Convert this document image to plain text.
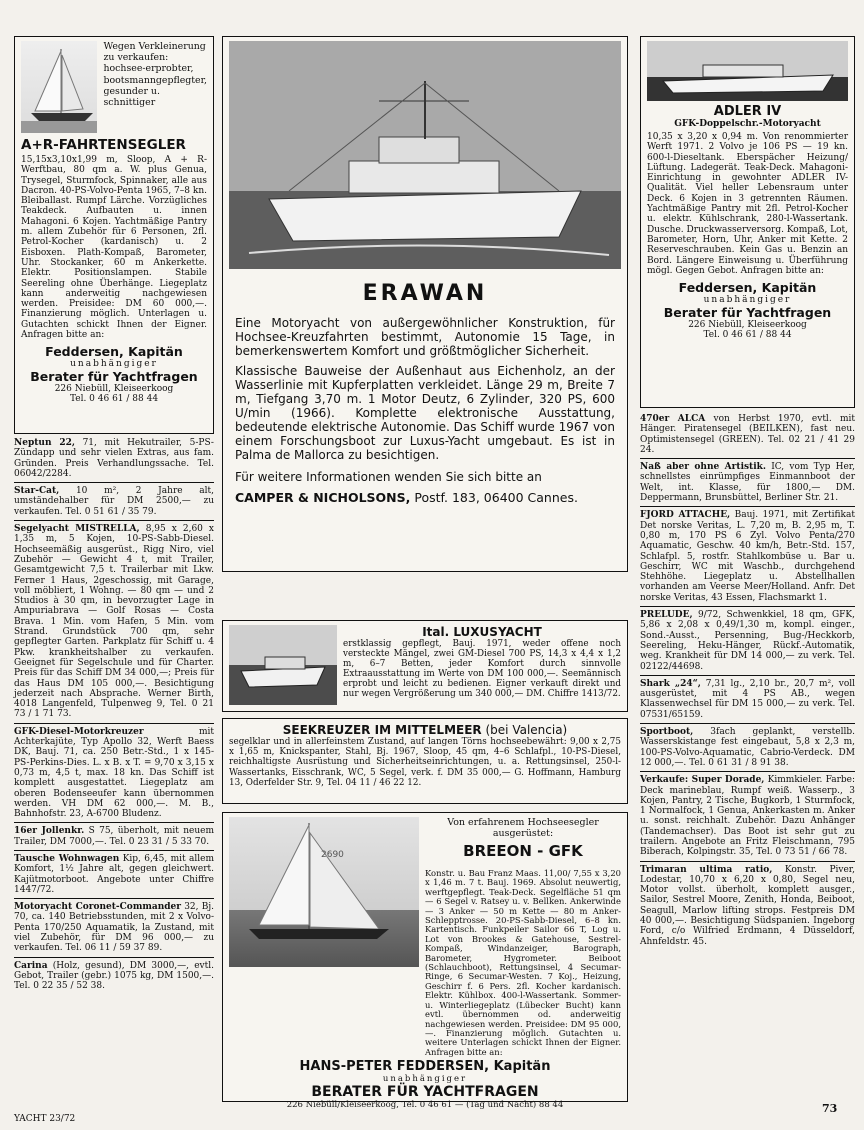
Wegen Verkleinerung zu verkaufen: hochsee-erprobter, bootsmanngepflegter, gesunder u. schnittiger
A+R-FAHRTENSEGLER
15,15x3,10x1,99 m, Sloop, A + R-Werftbau, 80 qm a. W. plus Genua, Trysegel, Sturmfock, Spinnaker, alle aus Dacron. 40-PS-Volvo-Penta 1965, 7–8 kn. Bleiballast. Rumpf Lärche. Vorzügliches Teakdeck. Aufbauten u. innen Mahagoni. 6 Kojen. Yachtmäßige Pantry m. allem Zubehör für 6 Personen, 2fl. Petrol-Kocher (kardanisch) u. 2 Eisboxen. Plath-Kompaß, Barometer, Uhr. Stockanker, 60 m Ankerkette. Elektr. Positionslampen. Stabile Seereling ohne Überhänge. Liegeplatz kann anderweitig nachgewiesen werden. Preisidee: DM 60 000,—. Finanzierung möglich. Unterlagen u. Gutachten schickt Ihnen der Eigner. Anfragen bitte an:
Feddersen, Kapitän
unabhängiger
Berater für Yachtfragen
226 Niebüll, Kleiseerkoog
Tel. 0 46 61 / 88 44
Neptun 22, 71, mit Hekutrailer, 5-PS-Zündapp und sehr vielen Extras, aus fam. Gründen. Preis Verhandlungssache. Tel. 06042/2284.
Star-Cat, 10 m², 2 Jahre alt, umständehalber für DM 2500,— zu verkaufen. Tel. 0 51 61 / 35 79.
Segelyacht MISTRELLA, 8,95 x 2,60 x 1,35 m, 5 Kojen, 10-PS-Sabb-Diesel. Hochseemäßig ausgerüst., Rigg Niro, viel Zubehör — Gewicht 4 t, mit Trailer, Gesamtgewicht 7,5 t. Trailerbar mit Lkw. Ferner 1 Haus, 2geschossig, mit Garage, voll möbliert, 1 Wohng. — 80 qm — und 2 Studios à 30 qm, in bevorzugter Lage in Ampuriabrava — Golf Rosas — Costa Brava. 1 Min. vom Hafen, 5 Min. vom Strand. Grundstück 700 qm, sehr gepflegter Garten. Parkplatz für Schiff u. 4 Pkw. krankheitshalber zu verkaufen. Geeignet für Segelschule und für Charter. Preis für das Schiff DM 34 000,—; Preis für das Haus DM 105 000,—. Besichtigung jederzeit nach Absprache. Werner Birth, 4018 Langenfeld, Tulpenweg 9, Tel. 0 21 73 / 1 71 73.
GFK-Diesel-Motorkreuzer	mit Achterkajüte, Typ Apollo 32, Werft Baess DK, Bauj. 71, ca. 250 Betr.-Std., 1 x 145-PS-Perkins-Dies. L. x B. x T. = 9,70 x 3,15 x 0,73 m, 4,5 t, max. 18 kn. Das Schiff ist komplett ausgestattet. Liegeplatz am oberen Bodenseeufer kann übernommen werden. VH DM 62 000,—. M. B., Bahnhofstr. 23, A-6700 Bludenz.
16er Jollenkr. S 75, überholt, mit neuem Trailer, DM 7000,—. Tel. 0 23 31 / 5 33 70.
Tausche Wohnwagen Kip, 6,45, mit allem Komfort, 1½ Jahre alt, gegen gleichwert. Kajütmotorboot. Angebote unter Chiffre 1447/72.
Motoryacht Coronet-Commander 32, Bj. 70, ca. 140 Betriebsstunden, mit 2 x Volvo-Penta 170/250 Aquamatik, la Zustand, mit viel Zubehör, für DM 96 000,— zu verkaufen. Tel. 06 11 / 59 37 89.
Carina (Holz, gesund), DM 3000,—, evtl. Gebot, Trailer (gebr.) 1075 kg, DM 1500,—. Tel. 0 22 35 / 52 38.
ERAWAN
Eine Motoryacht von außergewöhnlicher Konstruktion, für Hochsee-Kreuzfahrten bestimmt, Autonomie 15 Tage, in bemerkenswertem Komfort und größtmöglicher Sicherheit.
Klassische Bauweise der Außenhaut aus Eichenholz, an der Wasserlinie mit Kupferplatten verkleidet. Länge 29 m, Breite 7 m, Tiefgang 3,70 m. 1 Motor Deutz, 6 Zylinder, 320 PS, 600 U/min (1966). Komplette elektronische Ausstattung, bedeutende elektrische Autonomie. Das Schiff wurde 1967 von einem Forschungsboot zur Luxus-Yacht umgebaut. Es ist in Palma de Mallorca zu besichtigen.
Für weitere Informationen wenden Sie sich bitte an
CAMPER & NICHOLSONS, Postf. 183, 06400 Cannes.
Ital. LUXUSYACHT
erstklassig gepflegt, Bauj. 1971, weder offene noch versteckte Mängel, zwei GM-Diesel 700 PS, 14,3 x 4,4 x 1,2 m, 6–7 Betten, jeder Komfort durch sinnvolle Extraausstattung im Werte von DM 100 000,—. Seemännisch erprobt und leicht zu bedienen. Eigner verkauft direkt und nur wegen Vergrößerung um 340 000,— DM. Chiffre 1413/72.
SEEKREUZER IM MITTELMEER (bei Valencia)
segelklar und in allerfeinstem Zustand, auf langen Törns hochseebewährt: 9,00 x 2,75 x 1,65 m, Knickspanter, Stahl, Bj. 1967, Sloop, 45 qm, 4–6 Schlafpl., 10-PS-Diesel, reichhaltigste Ausrüstung und Sicherheitseinrichtungen, u. a. Rettungsinsel, 250-l-Wassertanks, Eisschrank, WC, 5 Segel, verk. f. DM 35 000,— G. Hoffmann, Hamburg 13, Oderfelder Str. 9, Tel. 04 11 / 46 22 12.
2690
Von erfahrenem Hochseesegler ausgerüstet:
BREEON - GFK
Konstr. u. Bau Franz Maas. 11,00/ 7,55 x 3,20 x 1,46 m. 7 t. Bauj. 1969. Absolut neuwertig, werftgepflegt. Teak-Deck. Segelfläche 51 qm — 6 Segel v. Ratsey u. v. Bellken. Ankerwinde — 3 Anker — 50 m Kette — 80 m Anker-Schlepptrosse. 20-PS-Sabb-Diesel, 6–8 kn. Kartentisch. Funkpeiler Sailor 66 T, Log u. Lot von Brookes & Gatehouse, Sestrel-Kompaß, Windanzeiger, Barograph, Barometer, Hygrometer. Beiboot (Schlauchboot), Rettungsinsel, 4 Secumar-Ringe, 6 Secumar-Westen. 7 Koj., Heizung, Geschirr f. 6 Pers. 2fl. Kocher kardanisch. Elektr. Kühlbox. 400-l-Wassertank. Sommer- u. Winterliegeplatz (Lübecker Bucht) kann evtl. übernommen od. anderweitig nachgewiesen werden. Preisidee: DM 95 000,—. Finanzierung möglich. Gutachten u. weitere Unterlagen schickt Ihnen der Eigner. Anfragen bitte an:
HANS-PETER FEDDERSEN, Kapitän
unabhängiger
BERATER FÜR YACHTFRAGEN
226 Niebüll/Kleiseerkoog, Tel. 0 46 61 — (Tag und Nacht) 88 44
ADLER IV
GFK-Doppelschr.-Motoryacht
10,35 x 3,20 x 0,94 m. Von renommierter Werft 1971. 2 Volvo je 106 PS — 19 kn. 600-l-Dieseltank. Eberspächer Heizung/ Lüftung. Ladegerät. Teak-Deck. Mahagoni-Einrichtung in gewohnter ADLER IV-Qualität. Viel heller Lebensraum unter Deck. 6 Kojen in 3 getrennten Räumen. Yachtmäßige Pantry mit 2fl. Petrol-Kocher u. elektr. Kühlschrank, 280-l-Wassertank. Dusche. Druckwasserversorg. Kompaß, Lot, Barometer, Horn, Uhr, Anker mit Kette. 2 Reserveschrauben. Kein Gas u. Benzin an Bord. Längere Einweisung u. Überführung mögl. Gegen Gebot. Anfragen bitte an:
Feddersen, Kapitän
unabhängiger
Berater für Yachtfragen
226 Niebüll, Kleiseerkoog
Tel. 0 46 61 / 88 44
470er ALCA von Herbst 1970, evtl. mit Hänger. Piratensegel (BEILKEN), fast neu. Optimistensegel (GREEN). Tel. 02 21 / 41 29 24.
Naß aber ohne Artistik. IC, vom Typ Her, schnellstes einrümpfiges Einmannboot der Welt, int. Klasse, für 1800,— DM. Deppermann, Brunsbüttel, Berliner Str. 21.
FJORD ATTACHE, Bauj. 1971, mit Zertifikat Det norske Veritas, L. 7,20 m, B. 2,95 m, T. 0,80 m, 170 PS 6 Zyl. Volvo Penta/270 Aquamatic, Geschw. 40 km/h, Betr.-Std. 157, Schlafpl. 5, rostfr. Stahlkombüse u. Bar u. Geschirr, WC mit Waschb., durchgehend Stehhöhe. Liegeplatz u. Abstellhallen vorhanden am Veerse Meer/Holland. Anfr. Det norske Veritas, 43 Essen, Flachsmarkt 1.
PRELUDE, 9/72, Schwenkkiel, 18 qm, GFK, 5,86 x 2,08 x 0,49/1,30 m, kompl. einger., Sond.-Ausst., Persenning, Bug-/Heckkorb, Seereling, Heku-Hänger, Rückf.-Automatik, weg. Krankheit für DM 14 000,— zu verk. Tel. 02122/44698.
Shark „24“, 7,31 lg., 2,10 br., 20,7 m², voll ausgerüstet, mit 4 PS AB., wegen Klassenwechsel für DM 15 000,— zu verk. Tel. 07531/65159.
Sportboot, 3fach geplankt, verstellb. Wasserskistange fest eingebaut, 5,8 x 2,3 m, 100-PS-Volvo-Aquamatic, Cabrio-Verdeck. DM 12 000,—. Tel. 0 61 31 / 8 91 38.
Verkaufe: Super Dorade, Kimmkieler. Farbe: Deck marineblau, Rumpf weiß. Wasserp., 3 Kojen, Pantry, 2 Tische, Bugkorb, 1 Sturmfock, 1 Normalfock, 1 Genua, Ankerkasten m. Anker u. sonst. reichhalt. Zubehör. Dazu Anhänger (Tandemachser). Das Boot ist sehr gut zu trailern. Angebote an Fritz Fleischmann, 795 Biberach, Kolpingstr. 35, Tel. 0 73 51 / 66 78.
Trimaran ultima ratio, Konstr. Piver, Lodestar, 10,70 x 6,20 x 0,80, Segel neu, Motor vollst. überholt, komplett ausger., Sailor, Sestrel Moore, Zenith, Honda, Beiboot, Seagull, Marlow lifting strops. Festpreis DM 40 000,—. Besichtigung Südspanien. Ingeborg Ford, c/o Wilfried Erdmann, 4 Düsseldorf, Ahnfeldstr. 45.
YACHT 23/72
73
